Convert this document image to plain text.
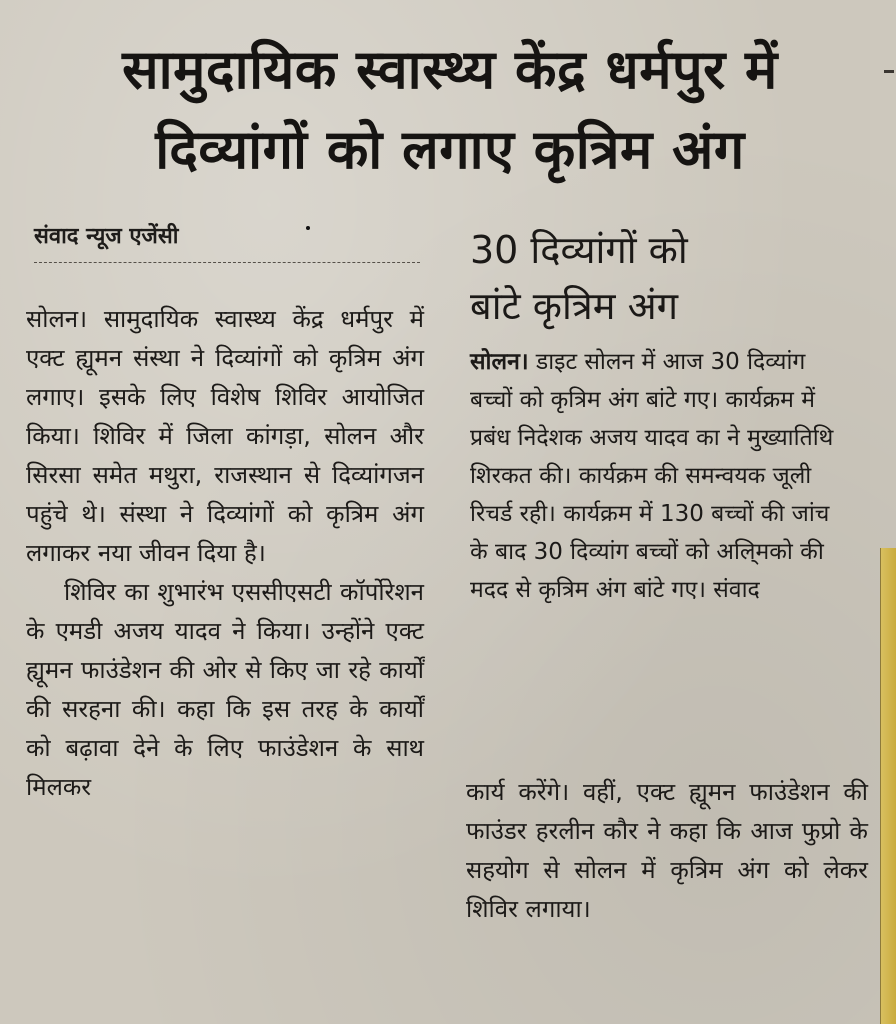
सामुदायिक स्वास्थ्य केंद्र धर्मपुर में
दिव्यांगों को लगाए कृत्रिम अंग
संवाद न्यूज एजेंसी

सोलन। सामुदायिक स्वास्थ्य केंद्र धर्मपुर में एक्ट ह्यूमन संस्था ने दिव्यांगों को कृत्रिम अंग लगाए। इसके लिए विशेष शिविर आयोजित किया। शिविर में जिला कांगड़ा, सोलन और सिरसा समेत मथुरा, राजस्थान से दिव्यांगजन पहुंचे थे। संस्था ने दिव्यांगों को कृत्रिम अंग लगाकर नया जीवन दिया है।

शिविर का शुभारंभ एससीएसटी कॉर्पोरेशन के एमडी अजय यादव ने किया। उन्होंने एक्ट ह्यूमन फाउंडेशन की ओर से किए जा रहे कार्यों की सरहना की। कहा कि इस तरह के कार्यों को बढ़ावा देने के लिए फाउंडेशन के साथ मिलकर

30 दिव्यांगों को
बांटे कृत्रिम अंग

सोलन। डाइट सोलन में आज 30 दिव्यांग बच्चों को कृत्रिम अंग बांटे गए। कार्यक्रम में प्रबंध निदेशक अजय यादव का ने मुख्यातिथि शिरकत की। कार्यक्रम की समन्वयक जूली रिचर्ड रही। कार्यक्रम में 130 बच्चों की जांच के बाद 30 दिव्यांग बच्चों को अलि्मको की मदद से कृत्रिम अंग बांटे गए। संवाद

कार्य करेंगे। वहीं, एक्ट ह्यूमन फाउंडेशन की फाउंडर हरलीन कौर ने कहा कि आज फुप्रो के सहयोग से सोलन में कृत्रिम अंग को लेकर शिविर लगाया।
